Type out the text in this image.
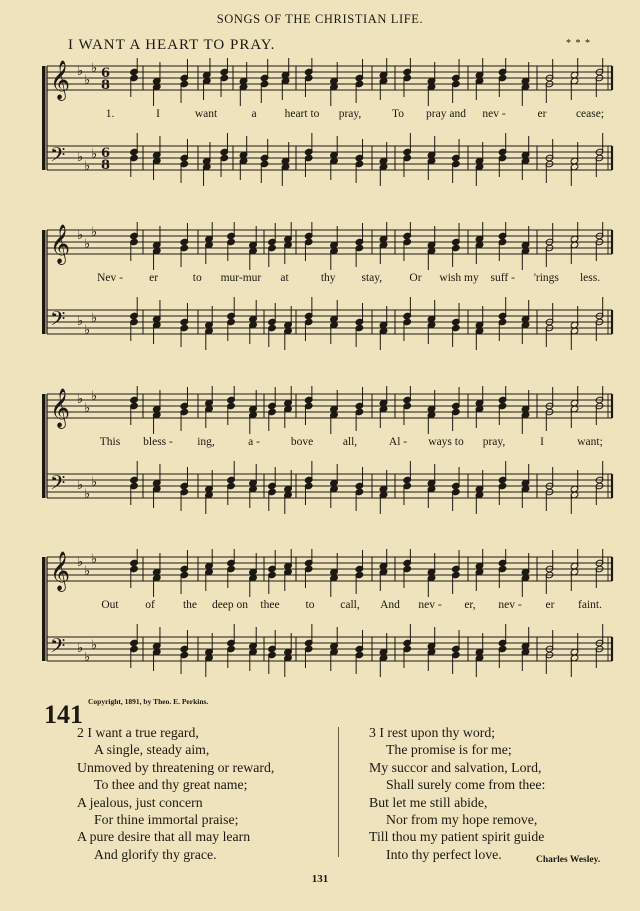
SONGS OF THE CHRISTIAN LIFE.
I WANT A HEART TO PRAY.	* * *
𝄞
𝄢
♭
♭
♭
♭
♭
♭
6
8
6
8
1.	I	want	a heart to pray,	To pray and nev -	er	cease;
𝄞
𝄢
♭
♭
♭
♭
♭
♭
Nev - er	to mur-mur at	thy stay, Or wish my suff - 'rings less.
𝄞
𝄢
♭
♭
♭
♭
♭
♭
This bless - ing,	a -	bove	all,	Al - ways to pray,	I	want;
𝄞
𝄢
♭
♭
♭
♭
♭
♭
Out of the deep on thee to call, And nev - er, nev - er faint.
Copyright, 1891, by Theo. E. Perkins.
141
2 I want a true regard,
A single, steady aim,
Unmoved by threatening or reward,
To thee and thy great name;
A jealous, just concern
For thine immortal praise;
A pure desire that all may learn
And glorify thy grace.
3 I rest upon thy word;
The promise is for me;
My succor and salvation, Lord,
Shall surely come from thee:
But let me still abide,
Nor from my hope remove,
Till thou my patient spirit guide
Into thy perfect love.	Charles Wesley.
131
